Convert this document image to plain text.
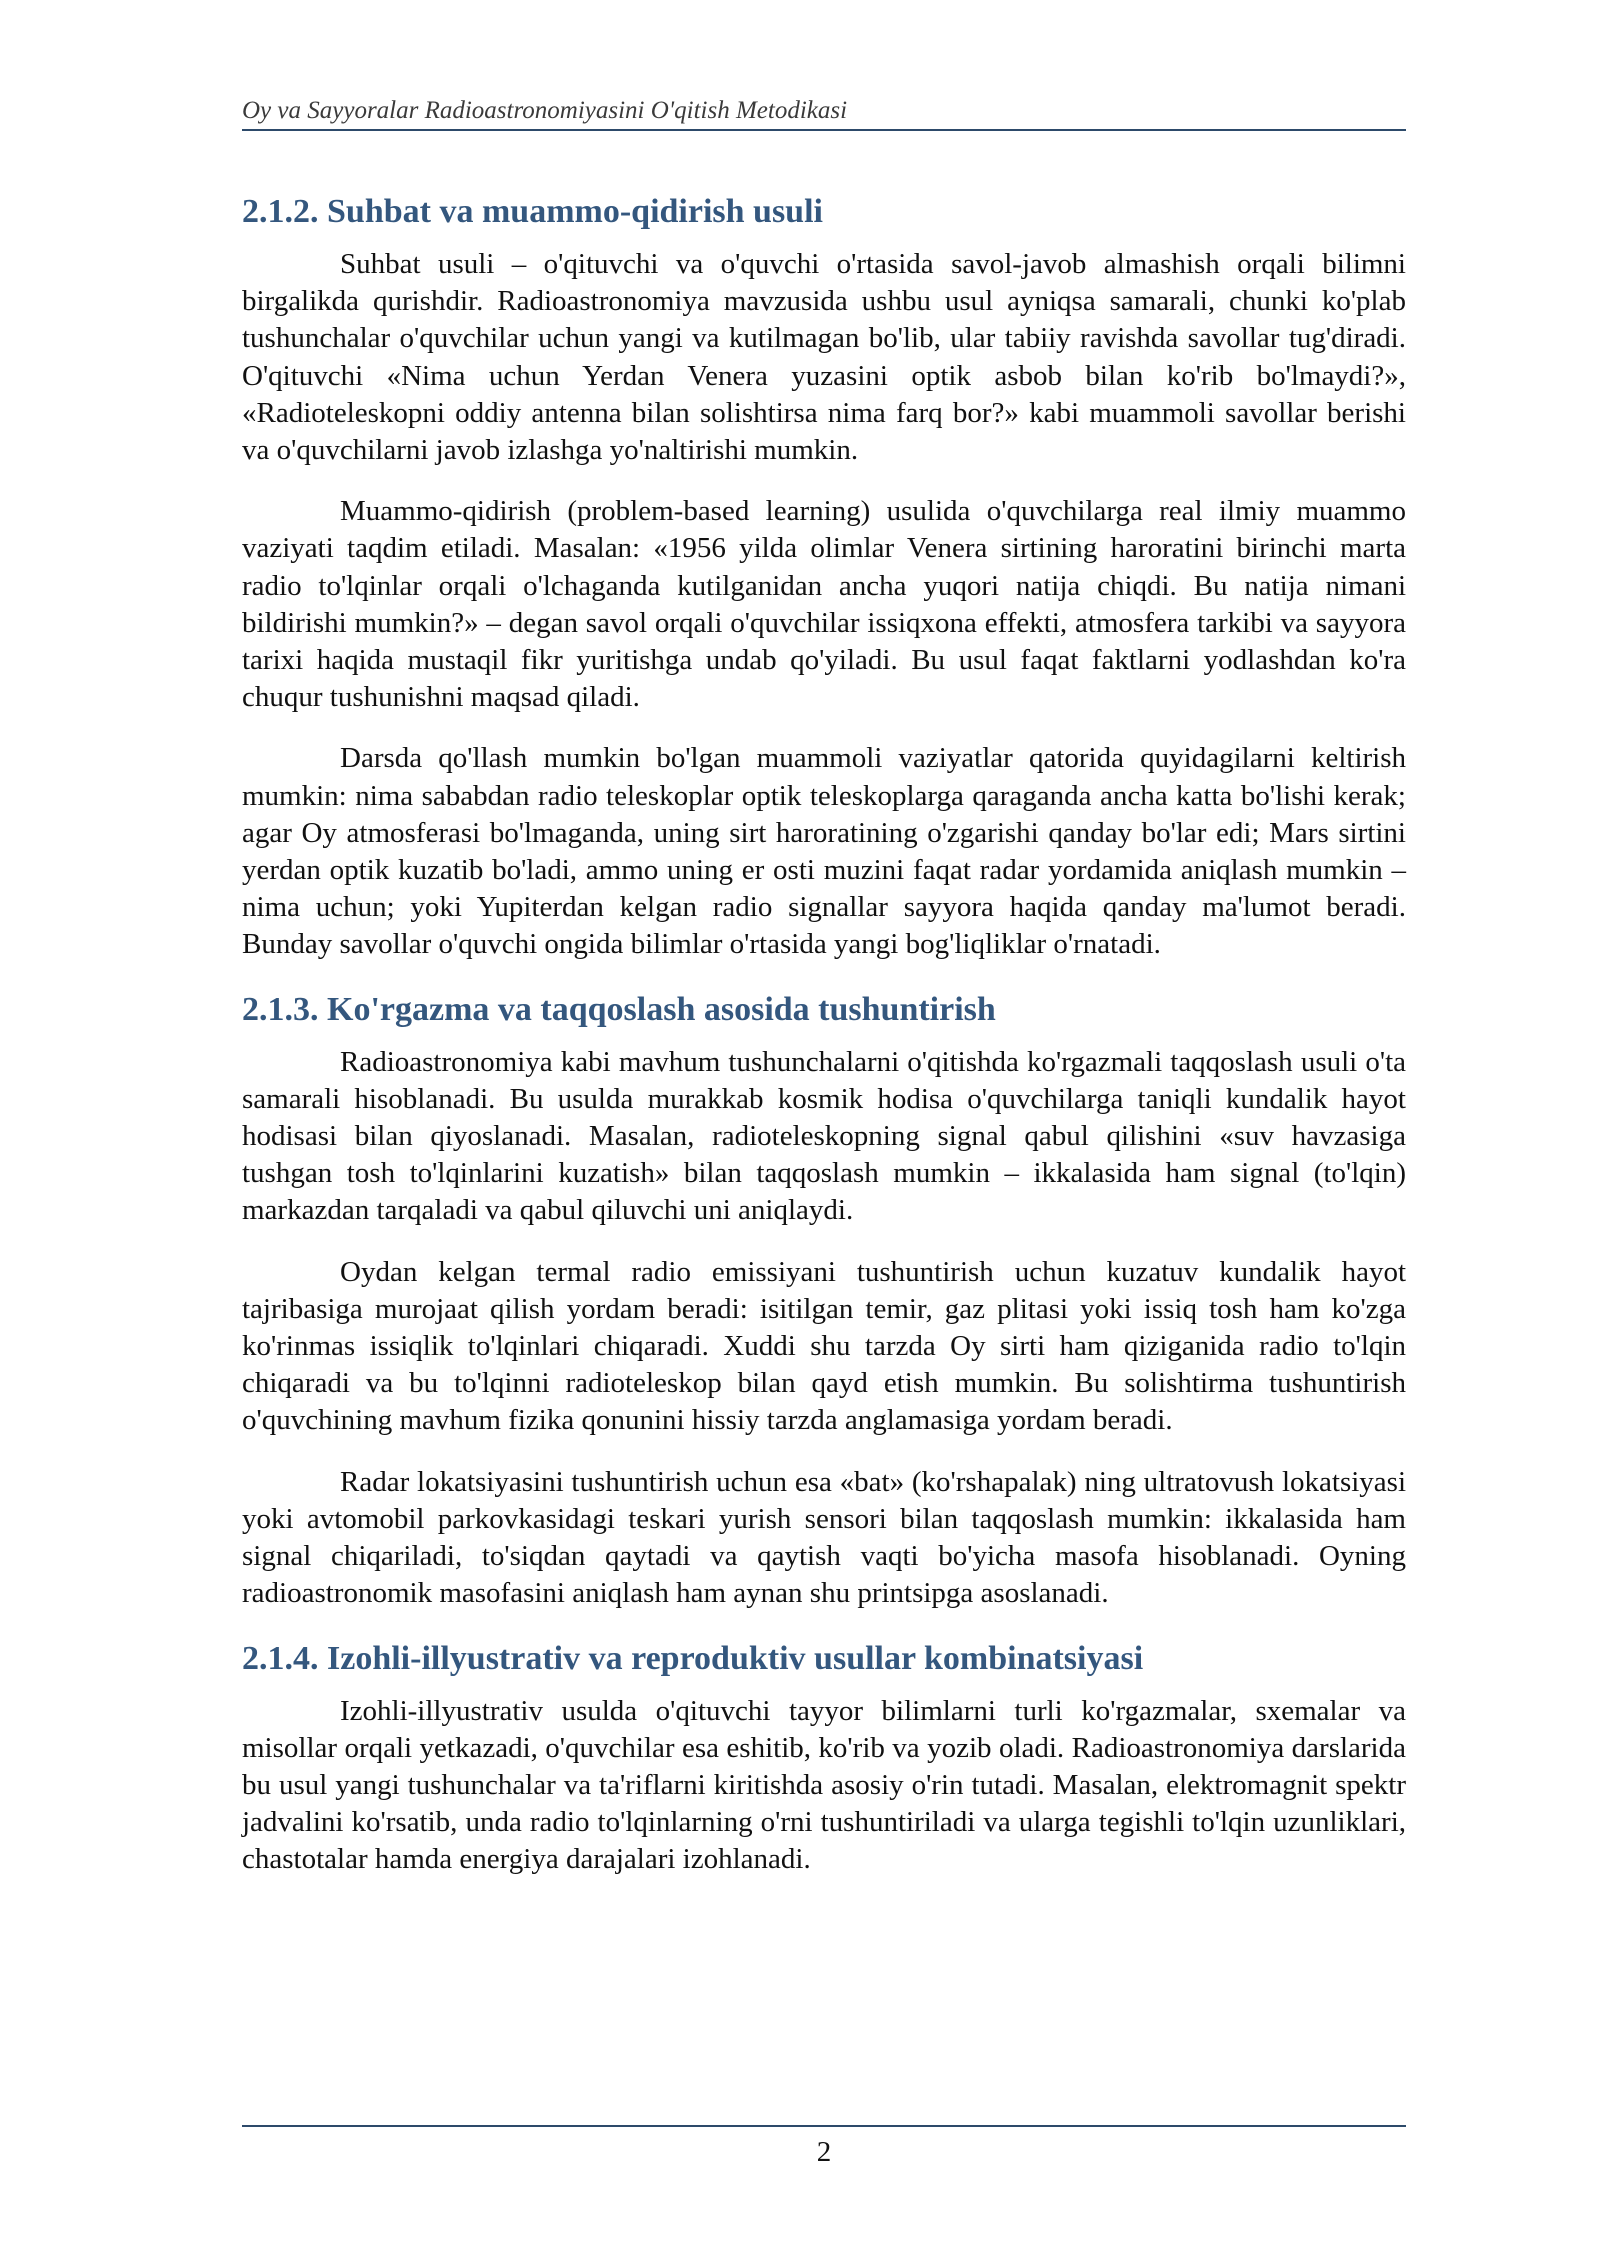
Oy va Sayyoralar Radioastronomiyasini O'qitish Metodikasi
2.1.2. Suhbat va muammo-qidirish usuli

Suhbat usuli – o'qituvchi va o'quvchi o'rtasida savol-javob almashish orqali bilimni birgalikda qurishdir. Radioastronomiya mavzusida ushbu usul ayniqsa samarali, chunki ko'plab tushunchalar o'quvchilar uchun yangi va kutilmagan bo'lib, ular tabiiy ravishda savollar tug'diradi. O'qituvchi «Nima uchun Yerdan Venera yuzasini optik asbob bilan ko'rib bo'lmaydi?», «Radioteleskopni oddiy antenna bilan solishtirsa nima farq bor?» kabi muammoli savollar berishi va o'quvchilarni javob izlashga yo'naltirishi mumkin.

Muammo-qidirish (problem-based learning) usulida o'quvchilarga real ilmiy muammo vaziyati taqdim etiladi. Masalan: «1956 yilda olimlar Venera sirtining haroratini birinchi marta radio to'lqinlar orqali o'lchaganda kutilganidan ancha yuqori natija chiqdi. Bu natija nimani bildirishi mumkin?» – degan savol orqali o'quvchilar issiqxona effekti, atmosfera tarkibi va sayyora tarixi haqida mustaqil fikr yuritishga undab qo'yiladi. Bu usul faqat faktlarni yodlashdan ko'ra chuqur tushunishni maqsad qiladi.

Darsda qo'llash mumkin bo'lgan muammoli vaziyatlar qatorida quyidagilarni keltirish mumkin: nima sababdan radio teleskoplar optik teleskoplarga qaraganda ancha katta bo'lishi kerak; agar Oy atmosferasi bo'lmaganda, uning sirt haroratining o'zgarishi qanday bo'lar edi; Mars sirtini yerdan optik kuzatib bo'ladi, ammo uning er osti muzini faqat radar yordamida aniqlash mumkin – nima uchun; yoki Yupiterdan kelgan radio signallar sayyora haqida qanday ma'lumot beradi. Bunday savollar o'quvchi ongida bilimlar o'rtasida yangi bog'liqliklar o'rnatadi.

2.1.3. Ko'rgazma va taqqoslash asosida tushuntirish

Radioastronomiya kabi mavhum tushunchalarni o'qitishda ko'rgazmali taqqoslash usuli o'ta samarali hisoblanadi. Bu usulda murakkab kosmik hodisa o'quvchilarga taniqli kundalik hayot hodisasi bilan qiyoslanadi. Masalan, radioteleskopning signal qabul qilishini «suv havzasiga tushgan tosh to'lqinlarini kuzatish» bilan taqqoslash mumkin – ikkalasida ham signal (to'lqin) markazdan tarqaladi va qabul qiluvchi uni aniqlaydi.

Oydan kelgan termal radio emissiyani tushuntirish uchun kuzatuv kundalik hayot tajribasiga murojaat qilish yordam beradi: isitilgan temir, gaz plitasi yoki issiq tosh ham ko'zga ko'rinmas issiqlik to'lqinlari chiqaradi. Xuddi shu tarzda Oy sirti ham qiziganida radio to'lqin chiqaradi va bu to'lqinni radioteleskop bilan qayd etish mumkin. Bu solishtirma tushuntirish o'quvchining mavhum fizika qonunini hissiy tarzda anglamasiga yordam beradi.

Radar lokatsiyasini tushuntirish uchun esa «bat» (ko'rshapalak) ning ultratovush lokatsiyasi yoki avtomobil parkovkasidagi teskari yurish sensori bilan taqqoslash mumkin: ikkalasida ham signal chiqariladi, to'siqdan qaytadi va qaytish vaqti bo'yicha masofa hisoblanadi. Oyning radioastronomik masofasini aniqlash ham aynan shu printsipga asoslanadi.

2.1.4. Izohli-illyustrativ va reproduktiv usullar kombinatsiyasi

Izohli-illyustrativ usulda o'qituvchi tayyor bilimlarni turli ko'rgazmalar, sxemalar va misollar orqali yetkazadi, o'quvchilar esa eshitib, ko'rib va yozib oladi. Radioastronomiya darslarida bu usul yangi tushunchalar va ta'riflarni kiritishda asosiy o'rin tutadi. Masalan, elektromagnit spektr jadvalini ko'rsatib, unda radio to'lqinlarning o'rni tushuntiriladi va ularga tegishli to'lqin uzunliklari, chastotalar hamda energiya darajalari izohlanadi.

2
